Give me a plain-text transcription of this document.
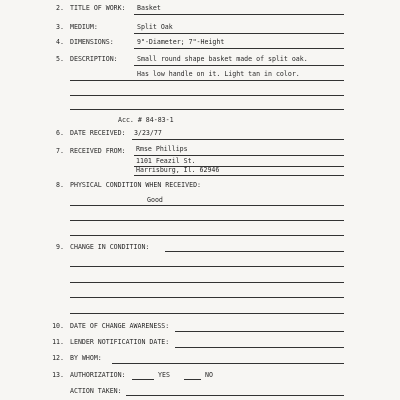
2. TITLE OF WORK: Basket
3. MEDIUM:	Split Oak
4. DIMENSIONS:	9"-Diameter; 7"-Height
5. DESCRIPTION:	Small round shape basket made of split oak.
Has low handle on it. Light tan in color.
Acc. # 84-83-1
6. DATE RECEIVED: 3/23/77
7. RECEIVED FROM: Rmse Phillips
1101 Feazil St.
Harrisburg, Il. 62946
8. PHYSICAL CONDITION WHEN RECEIVED:
Good
9. CHANGE IN CONDITION:
10. DATE OF CHANGE AWARENESS:
11. LENDER NOTIFICATION DATE:
12. BY WHOM:
13. AUTHORIZATION:	YES	NO
ACTION TAKEN:
